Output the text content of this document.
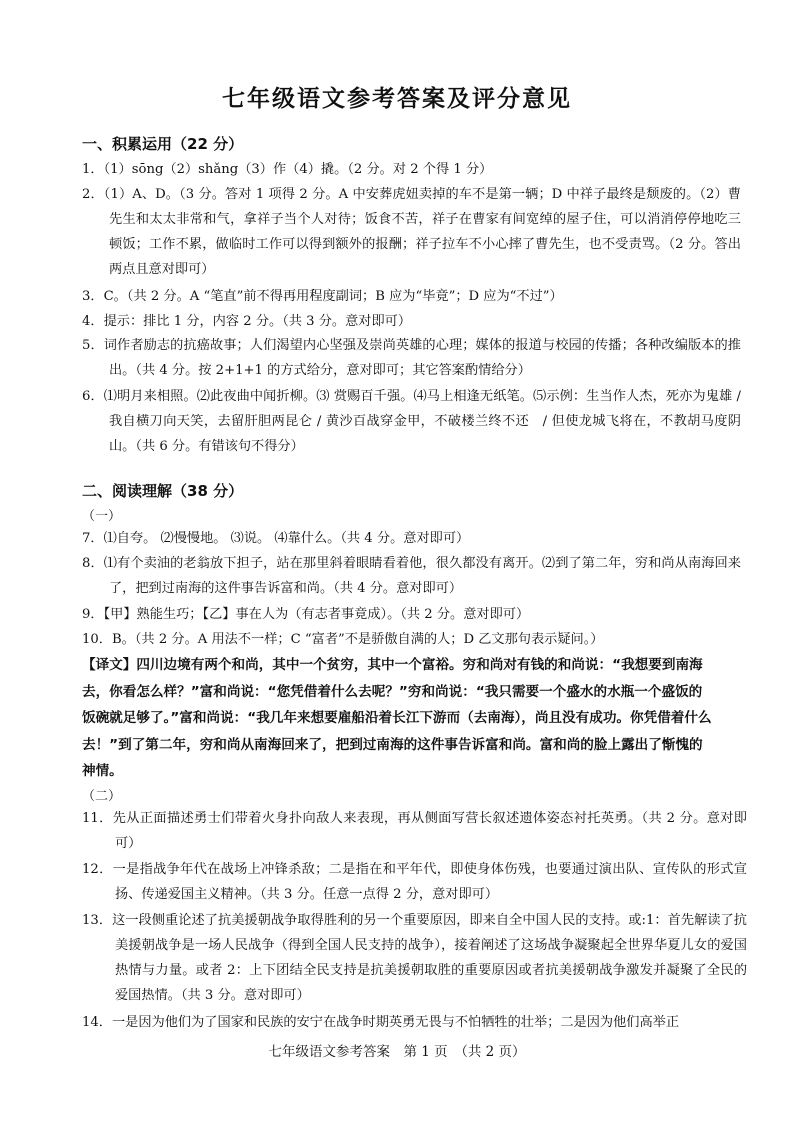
七年级语文参考答案及评分意见
一、积累运用（22 分）
1．（1）sōng（2）shǎng（3）作（4）撬。（2 分。对 2 个得 1 分）
2．（1）A、D。（3 分。答对 1 项得 2 分。A 中安葬虎妞卖掉的车不是第一辆；D 中祥子最终是颓废的。（2）曹先生和太太非常和气，拿祥子当个人对待；饭食不苦，祥子在曹家有间宽绰的屋子住，可以消消停停地吃三顿饭；工作不累，做临时工作可以得到额外的报酬；祥子拉车不小心摔了曹先生，也不受责骂。（2 分。答出两点且意对即可）
3．C。（共 2 分。A “笔直”前不得再用程度副词；B 应为“毕竟”；D 应为“不过”）
4．提示：排比 1 分，内容 2 分。（共 3 分。意对即可）
5．词作者励志的抗癌故事；人们渴望内心坚强及崇尚英雄的心理；媒体的报道与校园的传播；各种改编版本的推出。（共 4 分。按 2+1+1 的方式给分，意对即可；其它答案酌情给分）
6．⑴明月来相照。⑵此夜曲中闻折柳。⑶ 赏赐百千强。⑷马上相逢无纸笔。⑸示例：生当作人杰，死亦为鬼雄 / 我自横刀向天笑，去留肝胆两昆仑 / 黄沙百战穿金甲，不破楼兰终不还　/ 但使龙城飞将在，不教胡马度阴山。（共 6 分。有错该句不得分）
二、阅读理解（38 分）
（一）
7．⑴自夸。 ⑵慢慢地。 ⑶说。 ⑷靠什么。（共 4 分。意对即可）
8．⑴有个卖油的老翁放下担子，站在那里斜着眼睛看着他，很久都没有离开。⑵到了第二年，穷和尚从南海回来了，把到过南海的这件事告诉富和尚。（共 4 分。意对即可）
9．【甲】熟能生巧；【乙】事在人为（有志者事竟成）。（共 2 分。意对即可）
10．B。（共 2 分。A 用法不一样；C “富者”不是骄傲自满的人；D 乙文那句表示疑问。）
【译文】四川边境有两个和尚，其中一个贫穷，其中一个富裕。穷和尚对有钱的和尚说：“我想要到南海去，你看怎么样？”富和尚说：“您凭借着什么去呢？”穷和尚说：“我只需要一个盛水的水瓶一个盛饭的饭碗就足够了。”富和尚说：“我几年来想要雇船沿着长江下游而（去南海），尚且没有成功。你凭借着什么去！”到了第二年，穷和尚从南海回来了，把到过南海的这件事告诉富和尚。富和尚的脸上露出了惭愧的神情。
（二）
11．先从正面描述勇士们带着火身扑向敌人来表现，再从侧面写营长叙述遗体姿态衬托英勇。（共 2 分。意对即可）
12．一是指战争年代在战场上冲锋杀敌；二是指在和平年代，即使身体伤残，也要通过演出队、宣传队的形式宣扬、传递爱国主义精神。（共 3 分。任意一点得 2 分，意对即可）
13．这一段侧重论述了抗美援朝战争取得胜利的另一个重要原因，即来自全中国人民的支持。或:1：首先解读了抗美援朝战争是一场人民战争（得到全国人民支持的战争），接着阐述了这场战争凝聚起全世界华夏儿女的爱国热情与力量。或者 2：上下团结全民支持是抗美援朝取胜的重要原因或者抗美援朝战争激发并凝聚了全民的爱国热情。（共 3 分。意对即可）
14．一是因为他们为了国家和民族的安宁在战争时期英勇无畏与不怕牺牲的壮举；二是因为他们高举正
七年级语文参考答案　第 1 页　（共 2 页）
